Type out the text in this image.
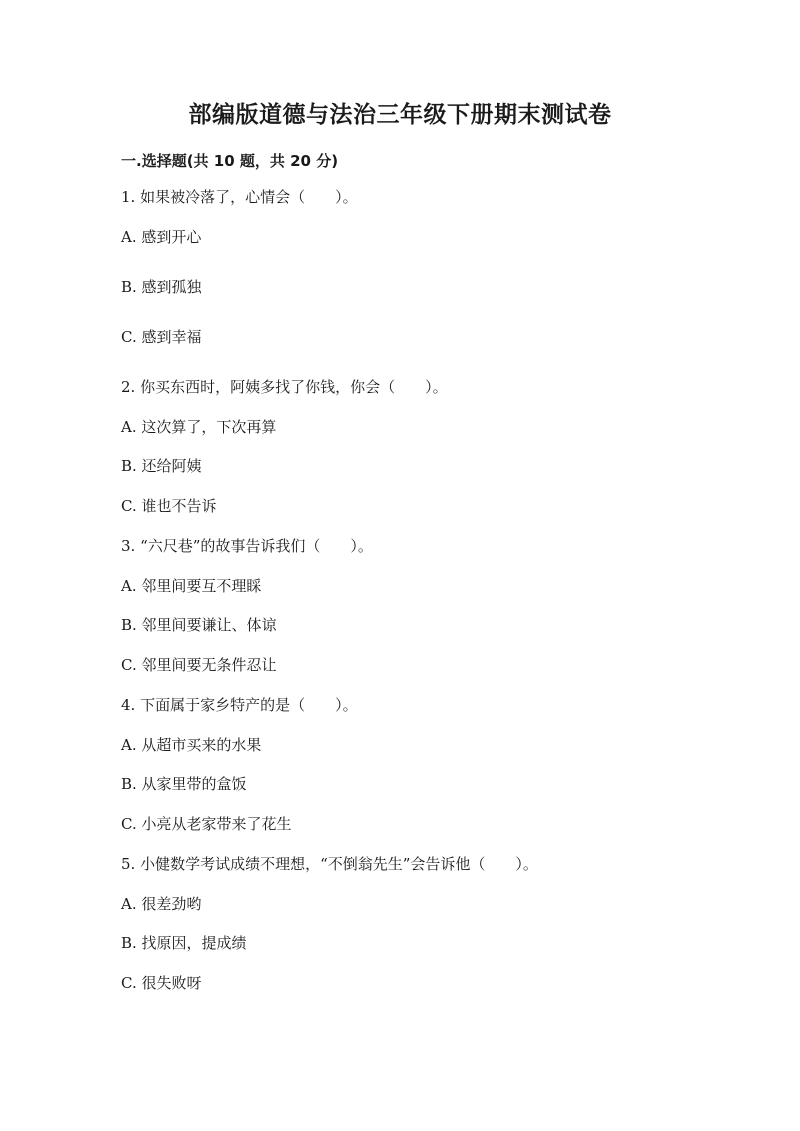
部编版道德与法治三年级下册期末测试卷
一.选择题(共 10 题，共 20 分)

1. 如果被冷落了，心情会（　　）。

A. 感到开心

B. 感到孤独

C. 感到幸福

2. 你买东西时，阿姨多找了你钱，你会（　　）。

A. 这次算了，下次再算

B. 还给阿姨

C. 谁也不告诉

3. “六尺巷”的故事告诉我们（　　）。

A. 邻里间要互不理睬

B. 邻里间要谦让、体谅

C. 邻里间要无条件忍让

4. 下面属于家乡特产的是（　　）。

A. 从超市买来的水果

B. 从家里带的盒饭

C. 小亮从老家带来了花生

5. 小健数学考试成绩不理想，“不倒翁先生”会告诉他（　　）。

A. 很差劲哟

B. 找原因，提成绩

C. 很失败呀
